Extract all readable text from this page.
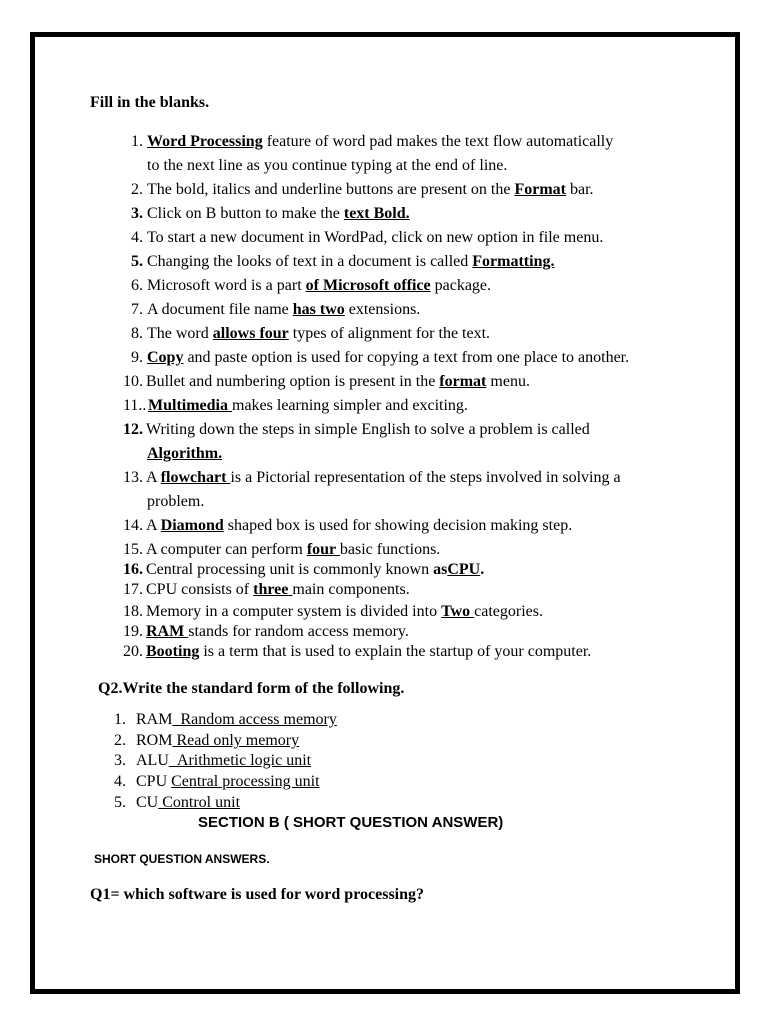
Fill in the blanks.
1. Word Processing feature of word pad makes the text flow automatically
to the next line as you continue typing at the end of line.
2. The bold, italics and underline buttons are present on the Format bar.
3. Click on B button to make the text Bold.
4. To start a new document in WordPad, click on new option in file menu.
5. Changing the looks of text in a document is called Formatting.
6. Microsoft word is a part of Microsoft office package.
7. A document file name has two extensions.
8. The word allows four types of alignment for the text.
9. Copy and paste option is used for copying a text from one place to another.
10. Bullet and numbering option is present in the format menu.
11.. Multimedia makes learning simpler and exciting.
12. Writing down the steps in simple English to solve a problem is called
Algorithm.
13. A flowchart is a Pictorial representation of the steps involved in solving a
problem.
14. A Diamond shaped box is used for showing decision making step.
15. A computer can perform four basic functions.
16. Central processing unit is commonly known asCPU.
17. CPU consists of three main components.
18. Memory in a computer system is divided into Two categories.
19. RAM stands for random access memory.
20. Booting is a term that is used to explain the startup of your computer.
Q2.Write the standard form of the following.
1. RAM_Random access memory
2. ROM Read only memory
3. ALU_Arithmetic logic unit
4. CPU Central processing unit
5. CU Control unit
SECTION B ( SHORT QUESTION ANSWER)
SHORT QUESTION ANSWERS.
Q1= which software is used for word processing?
